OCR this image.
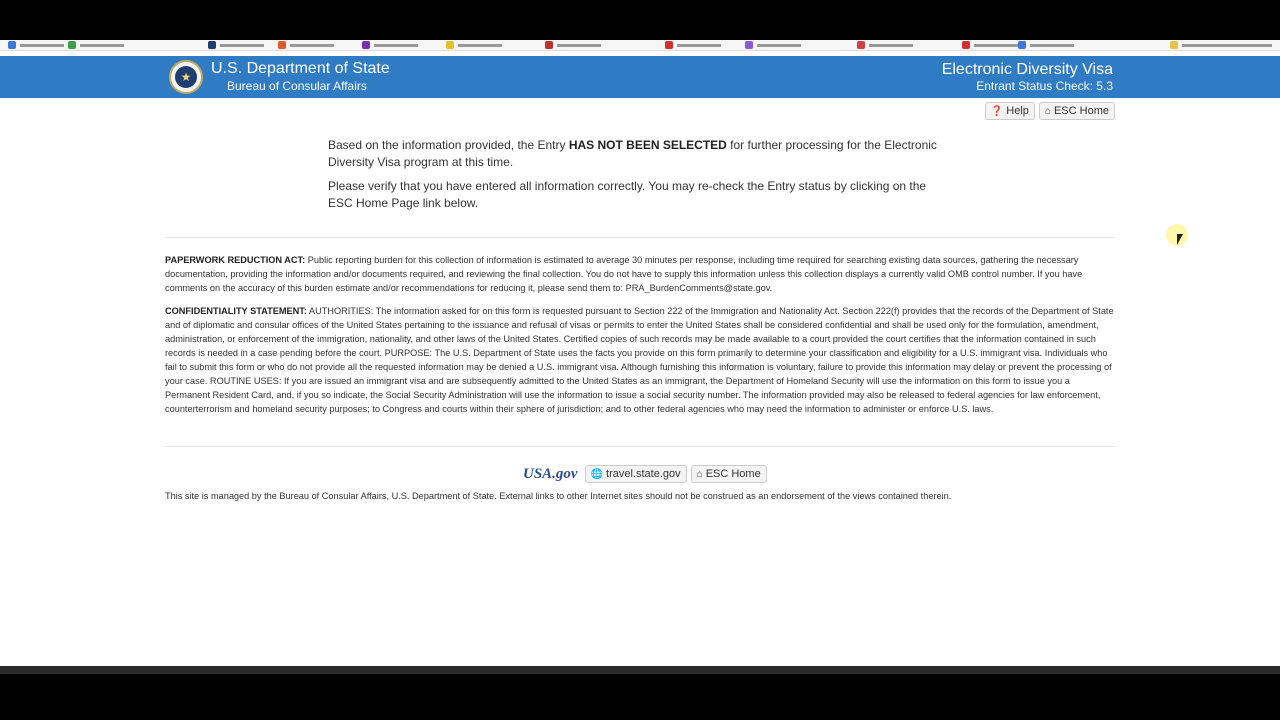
★	U.S. Department of State
Bureau of Consular Affairs
Electronic Diversity Visa
Entrant Status Check: 5.3
❓ Help ⌂ ESC Home

Based on the information provided, the Entry HAS NOT BEEN SELECTED for further processing for the Electronic Diversity Visa program at this time.

Please verify that you have entered all information correctly. You may re-check the Entry status by clicking on the ESC Home Page link below.

PAPERWORK REDUCTION ACT: Public reporting burden for this collection of information is estimated to average 30 minutes per response, including time required for searching existing data sources, gathering the necessary documentation, providing the information and/or documents required, and reviewing the final collection. You do not have to supply this information unless this collection displays a currently valid OMB control number. If you have comments on the accuracy of this burden estimate and/or recommendations for reducing it, please send them to: PRA_BurdenComments@state.gov.
CONFIDENTIALITY STATEMENT: AUTHORITIES: The information asked for on this form is requested pursuant to Section 222 of the Immigration and Nationality Act. Section 222(f) provides that the records of the Department of State and of diplomatic and consular offices of the United States pertaining to the issuance and refusal of visas or permits to enter the United States shall be considered confidential and shall be used only for the formulation, amendment, administration, or enforcement of the immigration, nationality, and other laws of the United States. Certified copies of such records may be made available to a court provided the court certifies that the information contained in such records is needed in a case pending before the court. PURPOSE: The U.S. Department of State uses the facts you provide on this form primarily to determine your classification and eligibility for a U.S. immigrant visa. Individuals who fail to submit this form or who do not provide all the requested information may be denied a U.S. immigrant visa. Although furnishing this information is voluntary, failure to provide this information may delay or prevent the processing of your case. ROUTINE USES: If you are issued an immigrant visa and are subsequently admitted to the United States as an immigrant, the Department of Homeland Security will use the information on this form to issue you a Permanent Resident Card, and, if you so indicate, the Social Security Administration will use the information to issue a social security number. The information provided may also be released to federal agencies for law enforcement, counterterrorism and homeland security purposes; to Congress and courts within their sphere of jurisdiction; and to other federal agencies who may need the information to administer or enforce U.S. laws.
USA.gov 🌐 travel.state.gov ⌂ ESC Home
This site is managed by the Bureau of Consular Affairs, U.S. Department of State. External links to other Internet sites should not be construed as an endorsement of the views contained therein.
